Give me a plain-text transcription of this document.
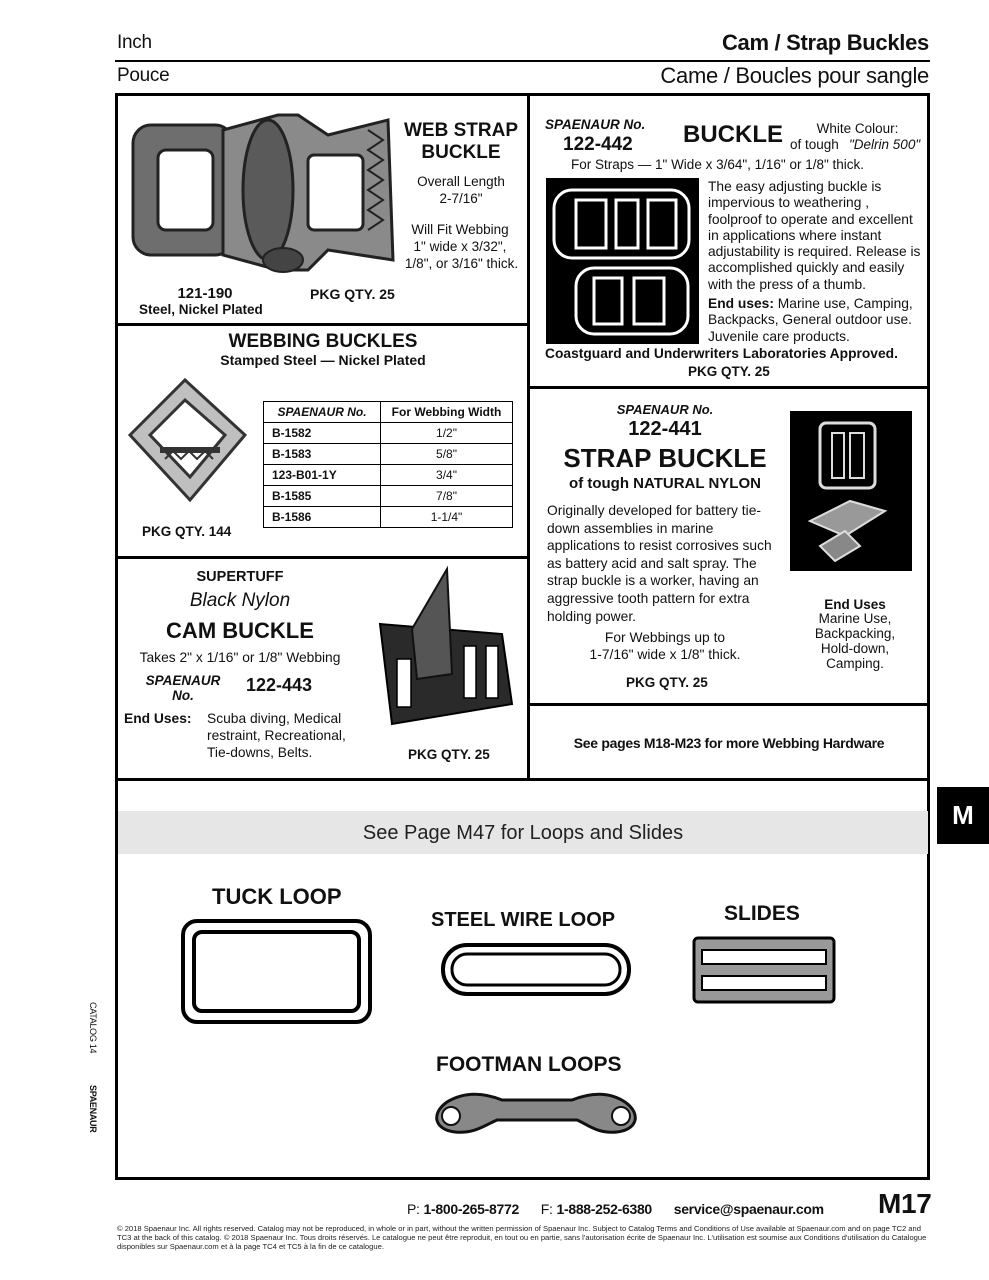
Inch	Cam / Strap Buckles
Pouce	Came / Boucles pour sangle
WEB STRAP
BUCKLE
Overall Length
2-7/16"
Will Fit Webbing
1" wide x 3/32",
1/8", or 3/16" thick.
121-190
Steel, Nickel Plated
PKG QTY. 25
SPAENAUR No.
122-442 BUCKLE	White Colour:
of tough "Delrin 500"
For Straps — 1" Wide x 3/64", 1/16" or 1/8" thick.
The easy adjusting buckle is impervious to weathering , foolproof to operate and excellent in applications where instant adjustability is required. Release is accomplished quickly and easily with the press of a thumb.
End uses: Marine use, Camping, Backpacks, General outdoor use. Juvenile care products.
Coastguard and Underwriters Laboratories Approved.
PKG QTY. 25
WEBBING BUCKLES
Stamped Steel — Nickel Plated
SPAENAUR No.	For Webbing Width
B-1582	1/2"
B-1583	5/8"
123-B01-1Y	3/4"
B-1585	7/8"
B-1586	1-1/4"
PKG QTY. 144
SPAENAUR No.
122-441
STRAP BUCKLE
of tough NATURAL NYLON
Originally developed for battery tie-down assemblies in marine applications to resist corrosives such as battery acid and salt spray. The strap buckle is a worker, having an aggressive tooth pattern for extra holding power.
For Webbings up to
1-7/16" wide x 1/8" thick.
PKG QTY. 25
End Uses
Marine Use,
Backpacking,
Hold-down,
Camping.
SUPERTUFF
Black Nylon
CAM BUCKLE
Takes 2" x 1/16" or 1/8" Webbing
SPAENAUR
No.
122-443
End Uses: Scuba diving, Medical
restraint, Recreational,
Tie-downs, Belts.	PKG QTY. 25
See pages M18-M23 for more Webbing Hardware
See Page M47 for Loops and Slides
TUCK LOOP
STEEL WIRE LOOP	SLIDES
FOOTMAN LOOPS
M
CATALOG 14
SPAENAUR
P: 1-800-265-8772 F: 1-888-252-6380 service@spaenaur.com M17
© 2018 Spaenaur Inc. All rights reserved. Catalog may not be reproduced, in whole or in part, without the written permission of Spaenaur Inc. Subject to Catalog Terms and Conditions of Use available at Spaenaur.com and on page TC2 and TC3 at the back of this catalog. © 2018 Spaenaur Inc. Tous droits réservés. Le catalogue ne peut être reproduit, en tout ou en partie, sans l'autorisation écrite de Spaenaur Inc. L'utilisation est soumise aux Conditions d'utilisation du Catalogue disponibles sur Spaenaur.com et à la page TC4 et TC5 à la fin de ce catalogue.
